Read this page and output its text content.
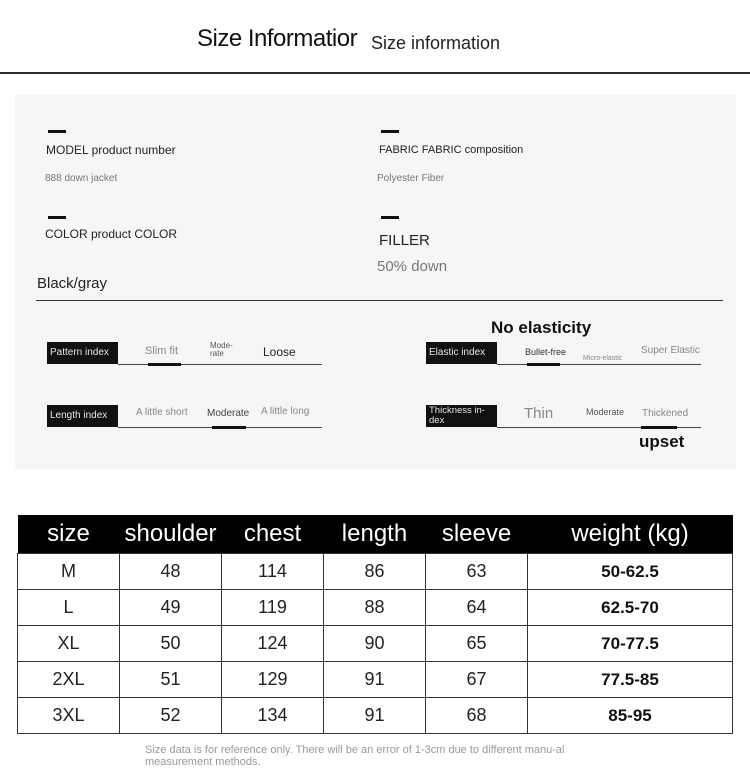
Size Informatior Size information
MODEL product number
888 down jacket
COLOR product COLOR
Black/gray
FABRIC FABRIC composition
Polyester Fiber
FILLER
50% down
Pattern index	Slim fit	Mode-rate	Loose
Length index	A little short Moderate A little long
No elasticity
Elastic index	Bullet-free
Micro-elastic
Super Elastic
Thickness in-dex	Thin	Moderate Thickened
upset
size	shoulder	chest	length	sleeve	weight (kg)
M	48	114	86	63	50-62.5
L	49	119	88	64	62.5-70
XL	50	124	90	65	70-77.5
2XL	51	129	91	67	77.5-85
3XL	52	134	91	68	85-95
Size data is for reference only. There will be an error of 1-3cm due to different manu-al measurement methods.
